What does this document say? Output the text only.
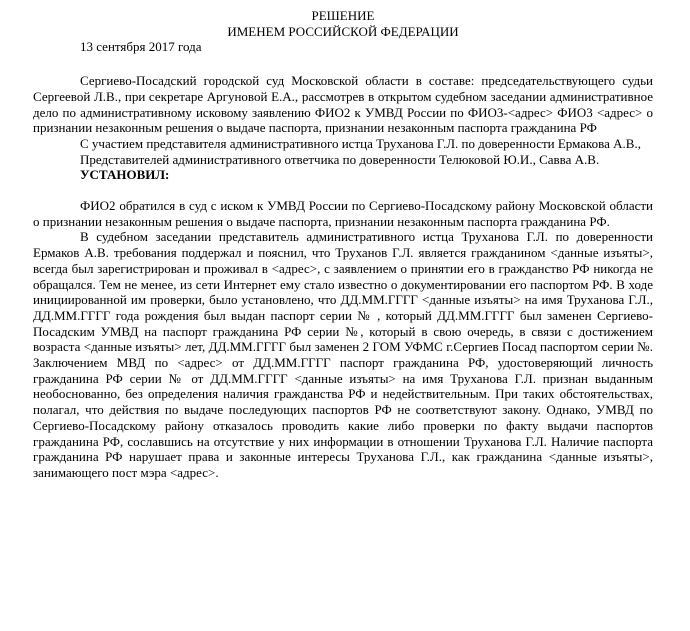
РЕШЕНИЕ

ИМЕНЕМ РОССИЙСКОЙ ФЕДЕРАЦИИ

13 сентября 2017 года

Сергиево-Посадский городской суд Московской области в составе: председательствующего судьи Сергеевой Л.В., при секретаре Аргуновой Е.А., рассмотрев в открытом судебном заседании административное дело по административному исковому заявлению ФИО2 к УМВД России по ФИО3-<адрес> ФИО3 <адрес> о признании незаконным решения о выдаче паспорта, признании незаконным паспорта гражданина РФ

С участием представителя административного истца Труханова Г.Л. по доверенности Ермакова А.В.,

Представителей административного ответчика по доверенности Телюковой Ю.И., Савва А.В.

УСТАНОВИЛ:

ФИО2 обратился в суд с иском к УМВД России по Сергиево-Посадскому району Московской области о признании незаконным решения о выдаче паспорта, признании незаконным паспорта гражданина РФ.

В судебном заседании представитель административного истца Труханова Г.Л. по доверенности Ермаков А.В. требования поддержал и пояснил, что Труханов Г.Л. является гражданином <данные изъяты>, всегда был зарегистрирован и проживал в <адрес>, с заявлением о принятии его в гражданство РФ никогда не обращался. Тем не менее, из сети Интернет ему стало известно о документировании его паспортом РФ. В ходе инициированной им проверки, было установлено, что ДД.ММ.ГГГГ <данные изъяты> на имя Труханова Г.Л., ДД.ММ.ГГГГ года рождения был выдан паспорт серии № , который ДД.ММ.ГГГГ был заменен Сергиево-Посадским УМВД на паспорт гражданина РФ серии №, который в свою очередь, в связи с достижением возраста <данные изъяты> лет, ДД.ММ.ГГГГ был заменен 2 ГОМ УФМС г.Сергиев Посад паспортом серии №. Заключением МВД по <адрес> от ДД.ММ.ГГГГ паспорт гражданина РФ, удостоверяющий личность гражданина РФ серии № от ДД.ММ.ГГГГ <данные изъяты> на имя Труханова Г.Л. признан выданным необоснованно, без определения наличия гражданства РФ и недействительным. При таких обстоятельствах, полагал, что действия по выдаче последующих паспортов РФ не соответствуют закону. Однако, УМВД по Сергиево-Посадскому району отказалось проводить какие либо проверки по факту выдачи паспортов гражданина РФ, сославшись на отсутствие у них информации в отношении Труханова Г.Л. Наличие паспорта гражданина РФ нарушает права и законные интересы Труханова Г.Л., как гражданина <данные изъяты>, занимающего пост мэра <адрес>.
